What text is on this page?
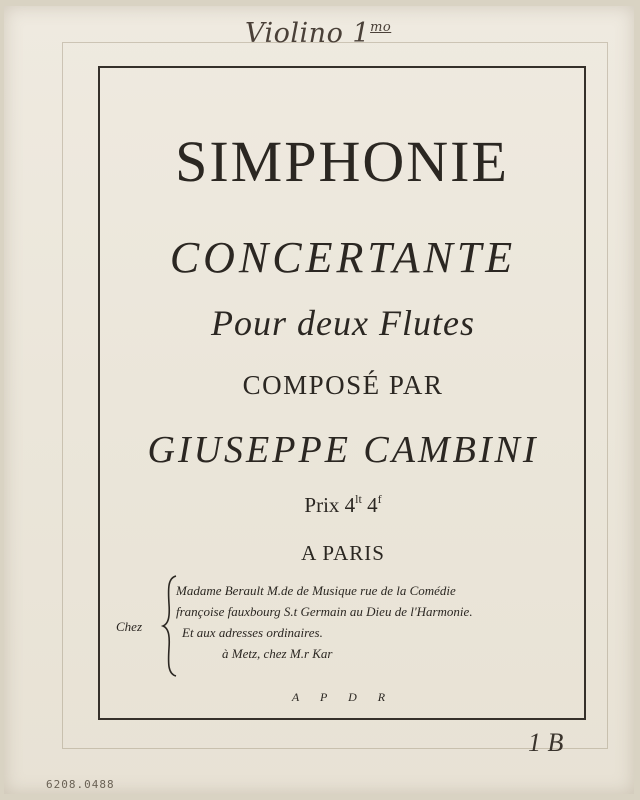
Violino $1^{mo}$
SIMPHONIE
CONCERTANTE
Pour deux Flutes
COMPOSÉ PAR
GIUSEPPE CAMBINI
Prix $4^{lt}$ 4$^f$
A PARIS
Chez
Madame Berault M.de de Musique rue de la Comédie
françoise fauxbourg S.t Germain au Dieu de l'Harmonie.
Et aux adresses ordinaires.
à Metz, chez M.r Kar
A P D R
1 B
6208.0488
